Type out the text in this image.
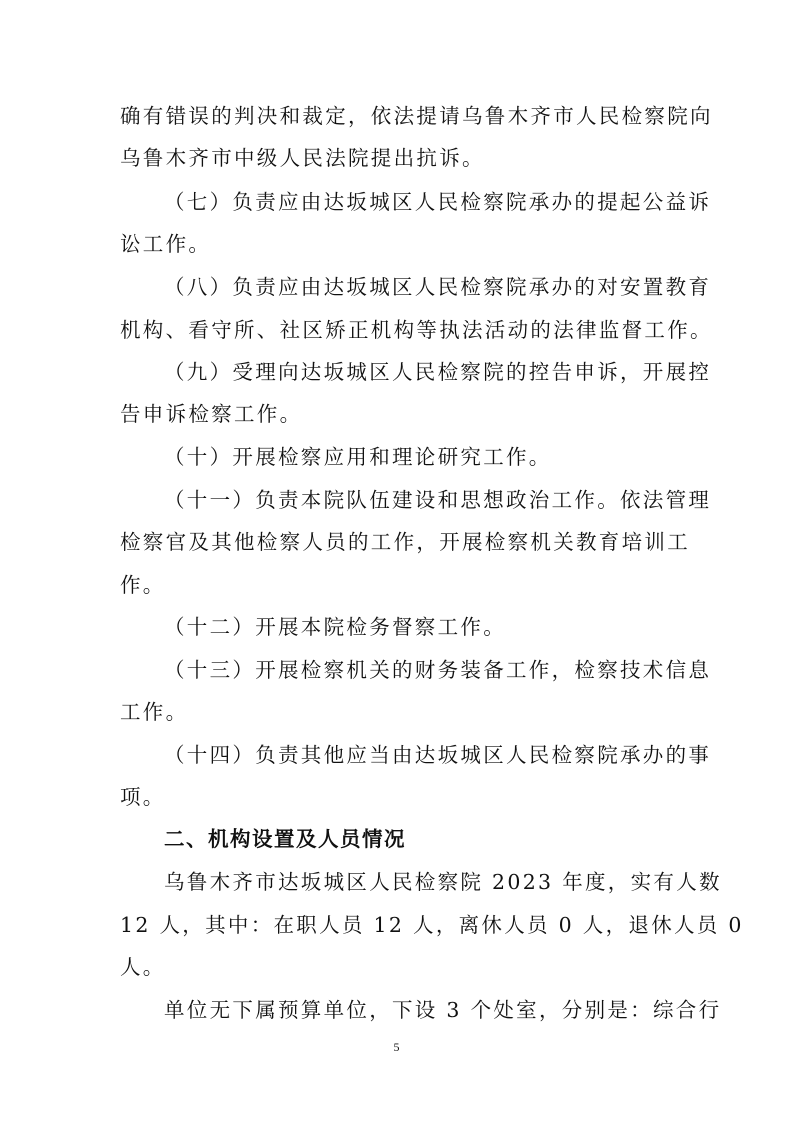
确有错误的判决和裁定，依法提请乌鲁木齐市人民检察院向
乌鲁木齐市中级人民法院提出抗诉。
（七）负责应由达坂城区人民检察院承办的提起公益诉
讼工作。
（八）负责应由达坂城区人民检察院承办的对安置教育
机构、看守所、社区矫正机构等执法活动的法律监督工作。
（九）受理向达坂城区人民检察院的控告申诉，开展控
告申诉检察工作。
（十）开展检察应用和理论研究工作。
（十一）负责本院队伍建设和思想政治工作。依法管理
检察官及其他检察人员的工作，开展检察机关教育培训工
作。
（十二）开展本院检务督察工作。
（十三）开展检察机关的财务装备工作，检察技术信息
工作。
（十四）负责其他应当由达坂城区人民检察院承办的事
项。
二、机构设置及人员情况
乌鲁木齐市达坂城区人民检察院 2023 年度，实有人数
12 人，其中：在职人员 12 人，离休人员 0 人，退休人员 0
人。
单位无下属预算单位，下设 3 个处室，分别是：综合行
5
